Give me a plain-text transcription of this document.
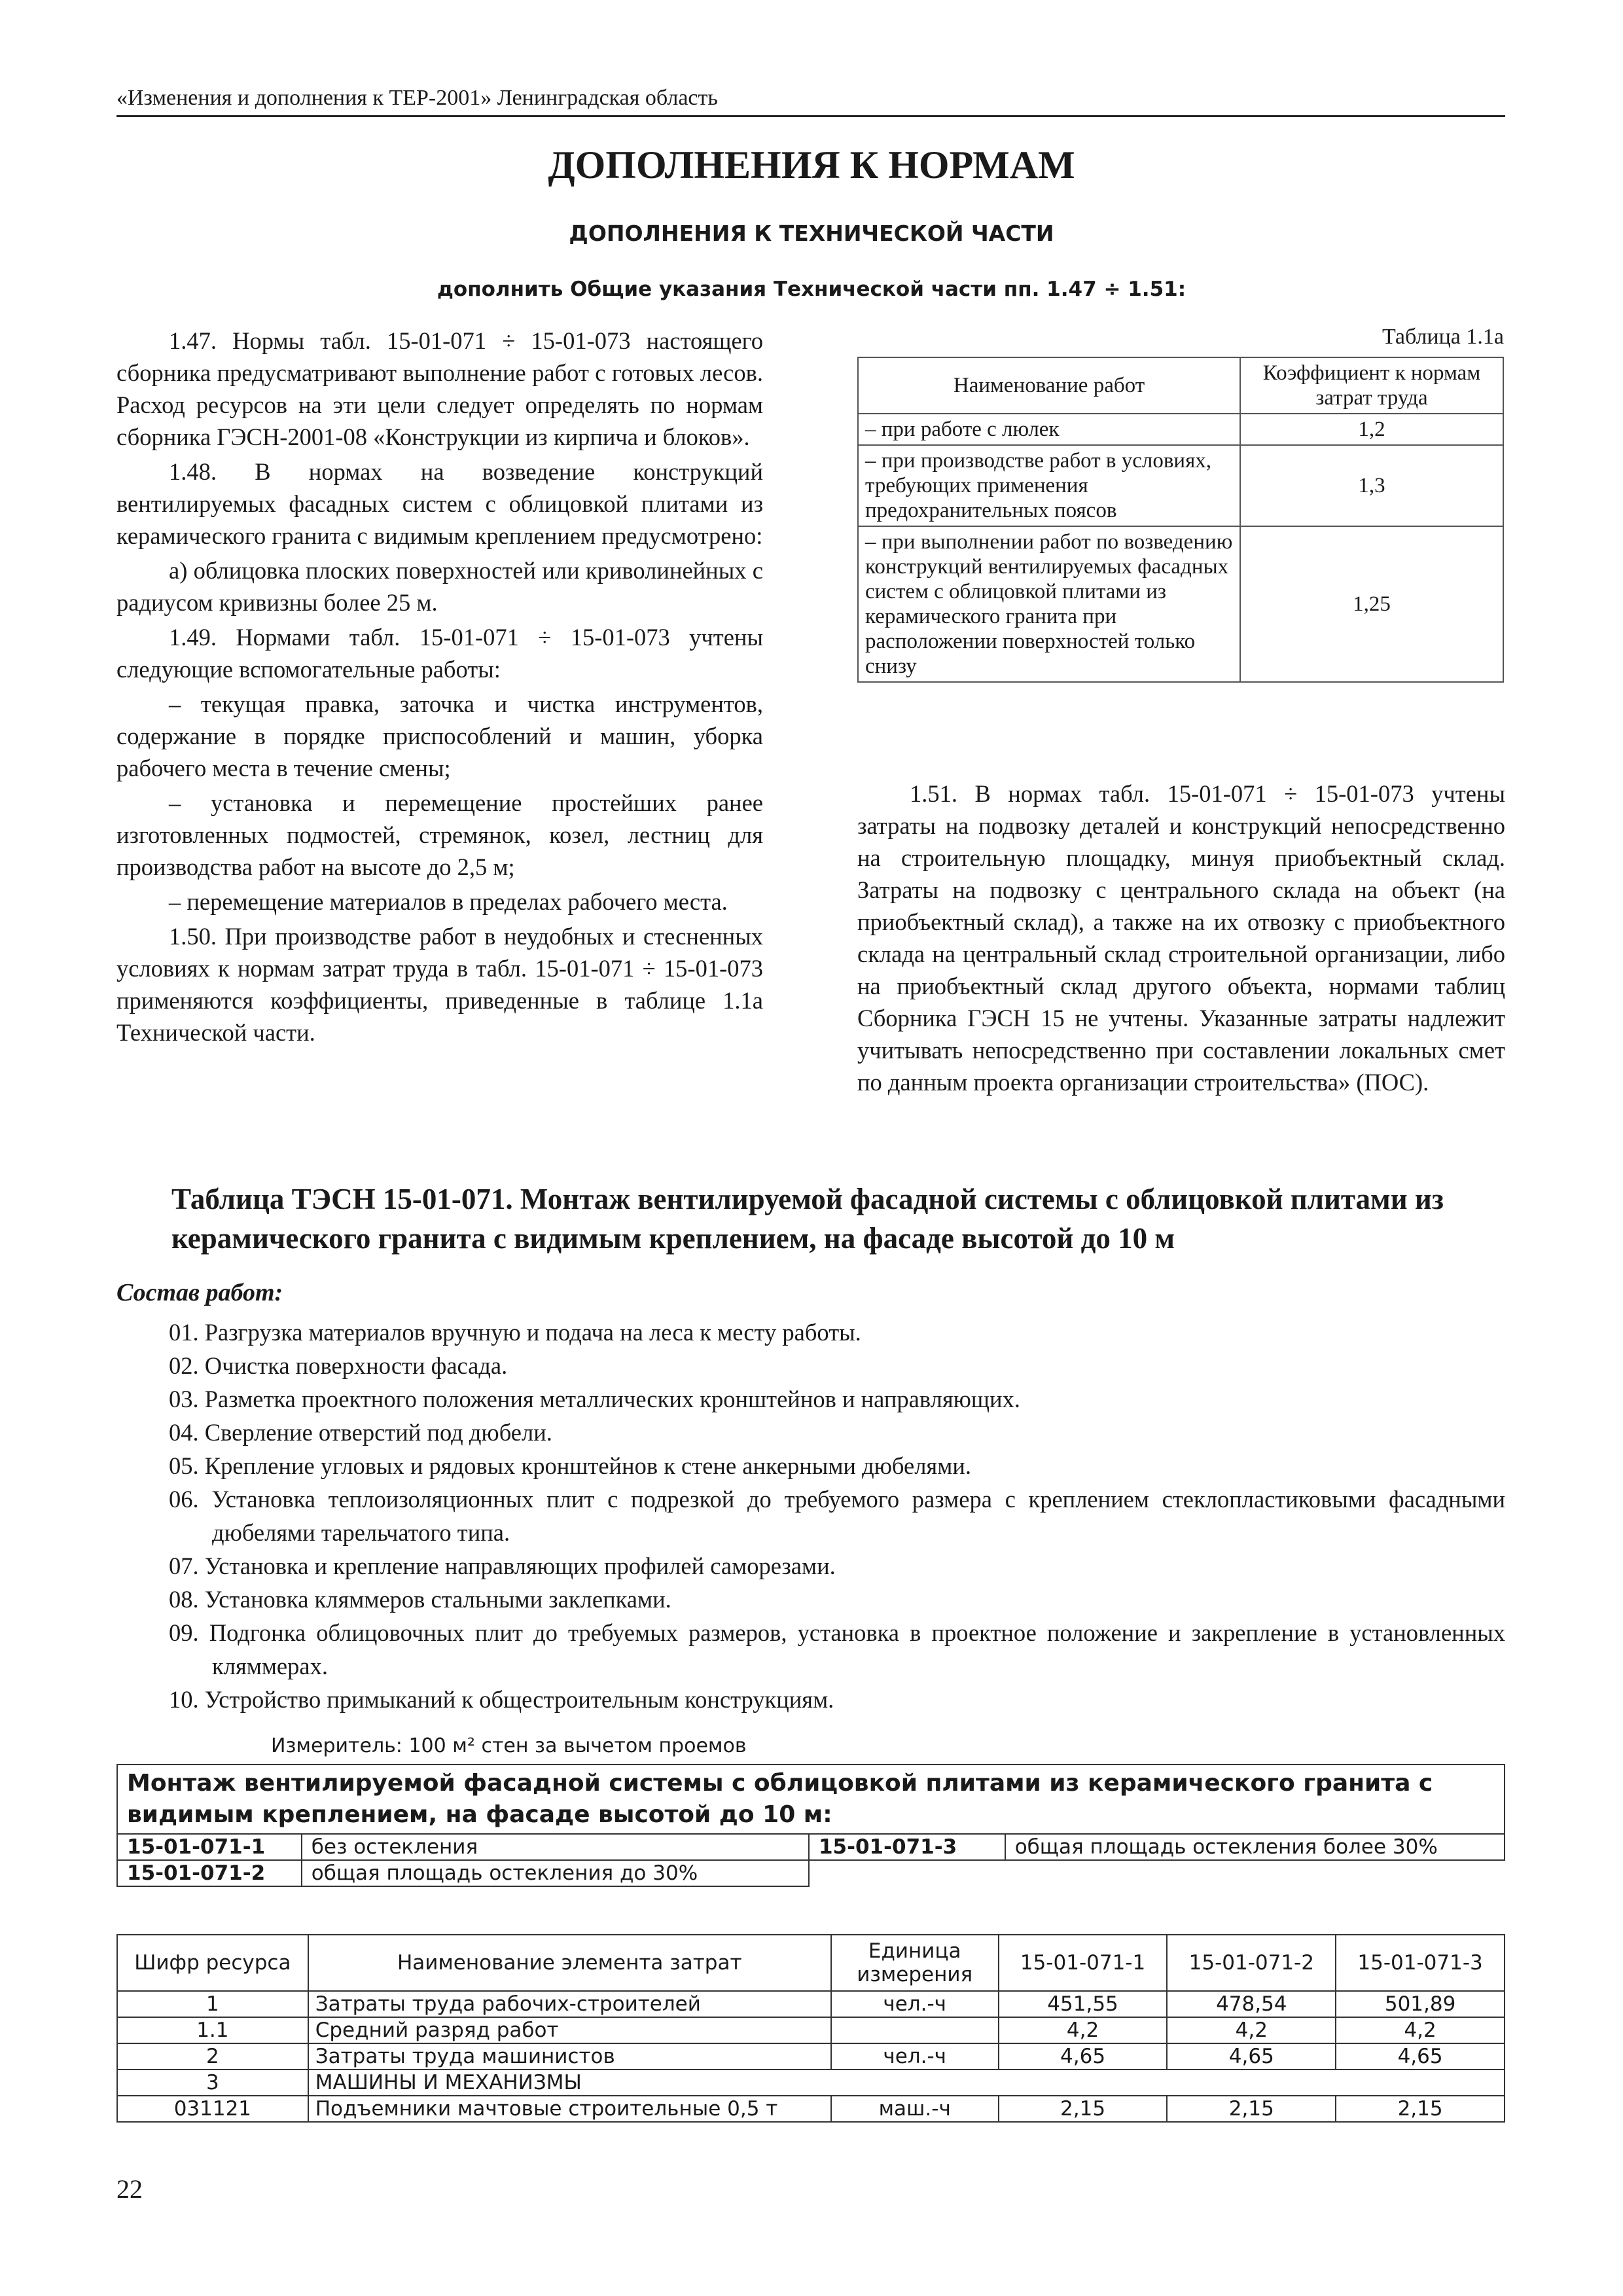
«Изменения и дополнения к ТЕР-2001» Ленинградская область
ДОПОЛНЕНИЯ К НОРМАМ
ДОПОЛНЕНИЯ К ТЕХНИЧЕСКОЙ ЧАСТИ
дополнить Общие указания Технической части пп. 1.47 ÷ 1.51:

1.47. Нормы табл. 15-01-071 ÷ 15-01-073 настоящего сборника предусматривают выполнение работ с готовых лесов. Расход ресурсов на эти цели следует определять по нормам сборника ГЭСН-2001-08 «Конструкции из кирпича и блоков».

1.48. В нормах на возведение конструкций вентилируемых фасадных систем с облицовкой плитами из керамического гранита с видимым креплением предусмотрено:

а) облицовка плоских поверхностей или криволинейных с радиусом кривизны более 25 м.

1.49. Нормами табл. 15-01-071 ÷ 15-01-073 учтены следующие вспомогательные работы:

– текущая правка, заточка и чистка инструментов, содержание в порядке приспособлений и машин, уборка рабочего места в течение смены;

– установка и перемещение простейших ранее изготовленных подмостей, стремянок, козел, лестниц для производства работ на высоте до 2,5 м;

– перемещение материалов в пределах рабочего места.

1.50. При производстве работ в неудобных и стесненных условиях к нормам затрат труда в табл. 15-01-071 ÷ 15-01-073 применяются коэффициенты, приведенные в таблице 1.1а Технической части.

Таблица 1.1а
Наименование работ	Коэффициент к нормам затрат труда
– при работе с люлек	1,2
– при производстве работ в условиях, требующих применения предохранительных поясов	1,3
– при выполнении работ по возведению конструкций вентилируемых фасадных систем с облицовкой плитами из керамического гранита при расположении поверхностей только снизу	1,25

1.51. В нормах табл. 15-01-071 ÷ 15-01-073 учтены затраты на подвозку деталей и конструкций непосредственно на строительную площадку, минуя приобъектный склад. Затраты на подвозку с центрального склада на объект (на приобъектный склад), а также на их отвозку с приобъектного склада на центральный склад строительной организации, либо на приобъектный склад другого объекта, нормами таблиц Сборника ГЭСН 15 не учтены. Указанные затраты надлежит учитывать непосредственно при составлении локальных смет по данным проекта организации строительства» (ПОС).

Таблица ТЭСН 15-01-071. Монтаж вентилируемой фасадной системы с облицовкой плитами из керамического гранита с видимым креплением, на фасаде высотой до 10 м
Состав работ:
01. Разгрузка материалов вручную и подача на леса к месту работы.
02. Очистка поверхности фасада.
03. Разметка проектного положения металлических кронштейнов и направляющих.
04. Сверление отверстий под дюбели.
05. Крепление угловых и рядовых кронштейнов к стене анкерными дюбелями.
06. Установка теплоизоляционных плит с подрезкой до требуемого размера с креплением стеклопластиковыми фасадными дюбелями тарельчатого типа.
07. Установка и крепление направляющих профилей саморезами.
08. Установка кляммеров стальными заклепками.
09. Подгонка облицовочных плит до требуемых размеров, установка в проектное положение и закрепление в установленных кляммерах.
10. Устройство примыканий к общестроительным конструкциям.
Измеритель: 100 м² стен за вычетом проемов
Монтаж вентилируемой фасадной системы с облицовкой плитами из керамического гранита с видимым креплением, на фасаде высотой до 10 м:			
15-01-071-1	без остекления	15-01-071-3	общая площадь остекления более 30%
15-01-071-2	общая площадь остекления до 30%		
Шифр ресурса	Наименование элемента затрат	Единица измерения	15-01-071-1	15-01-071-2	15-01-071-3
1	Затраты труда рабочих-строителей	чел.-ч	451,55	478,54	501,89
1.1	Средний разряд работ		4,2	4,2	4,2
2	Затраты труда машинистов	чел.-ч	4,65	4,65	4,65
3	МАШИНЫ И МЕХАНИЗМЫ				
031121	Подъемники мачтовые строительные 0,5 т	маш.-ч	2,15	2,15	2,15
22
